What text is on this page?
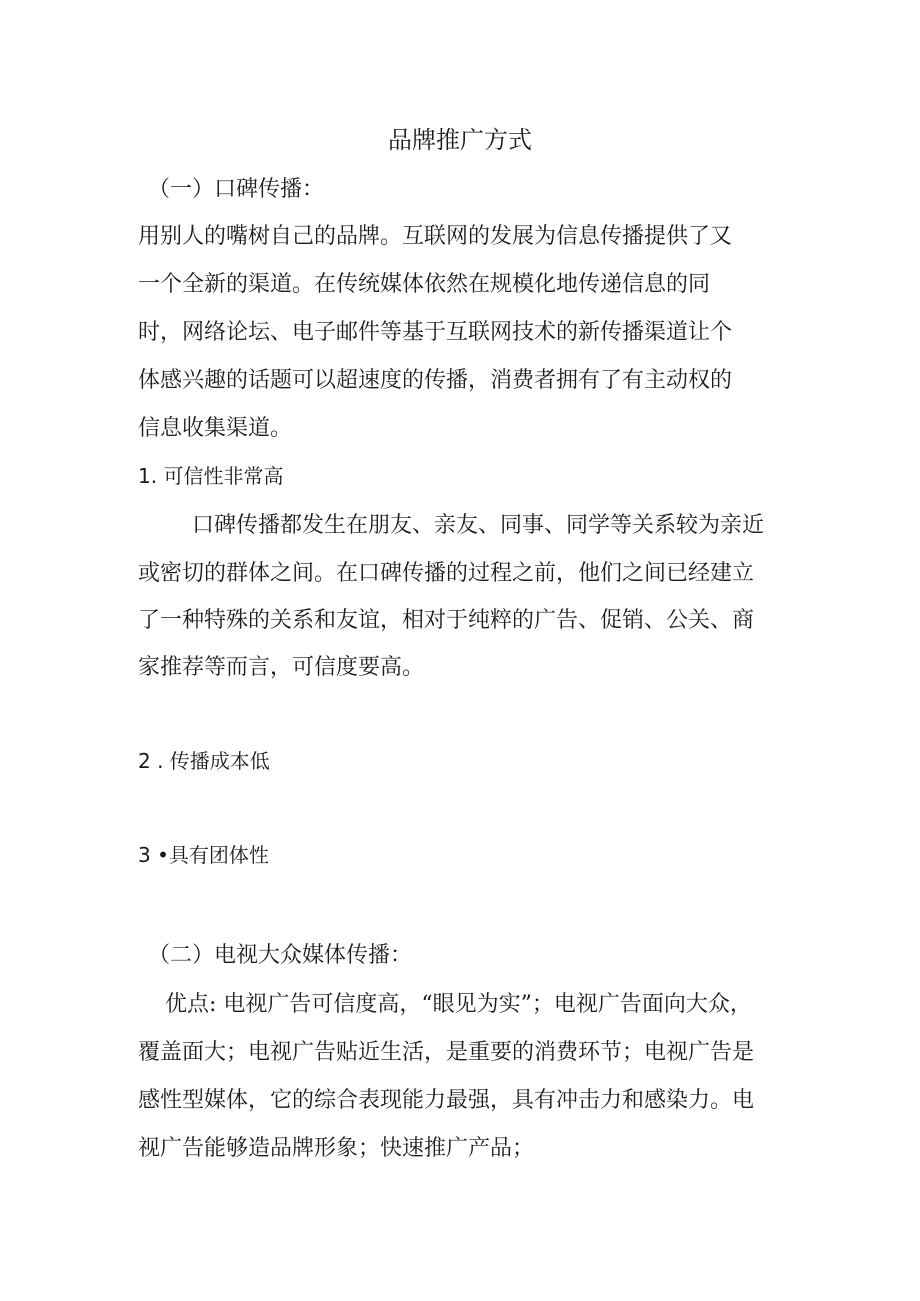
品牌推广方式
（一）口碑传播：
用别人的嘴树自己的品牌。互联网的发展为信息传播提供了又
一个全新的渠道。在传统媒体依然在规模化地传递信息的同
时，网络论坛、电子邮件等基于互联网技术的新传播渠道让个
体感兴趣的话题可以超速度的传播，消费者拥有了有主动权的
信息收集渠道。
1. 可信性非常高
口碑传播都发生在朋友、亲友、同事、同学等关系较为亲近
或密切的群体之间。在口碑传播的过程之前，他们之间已经建立
了一种特殊的关系和友谊，相对于纯粹的广告、促销、公关、商
家推荐等而言，可信度要高。
2 . 传播成本低
3 •具有团体性
（二）电视大众媒体传播：
优点: 电视广告可信度高，“眼见为实”；电视广告面向大众，
覆盖面大；电视广告贴近生活，是重要的消费环节；电视广告是
感性型媒体，它的综合表现能力最强，具有冲击力和感染力。电
视广告能够造品牌形象；快速推广产品；
